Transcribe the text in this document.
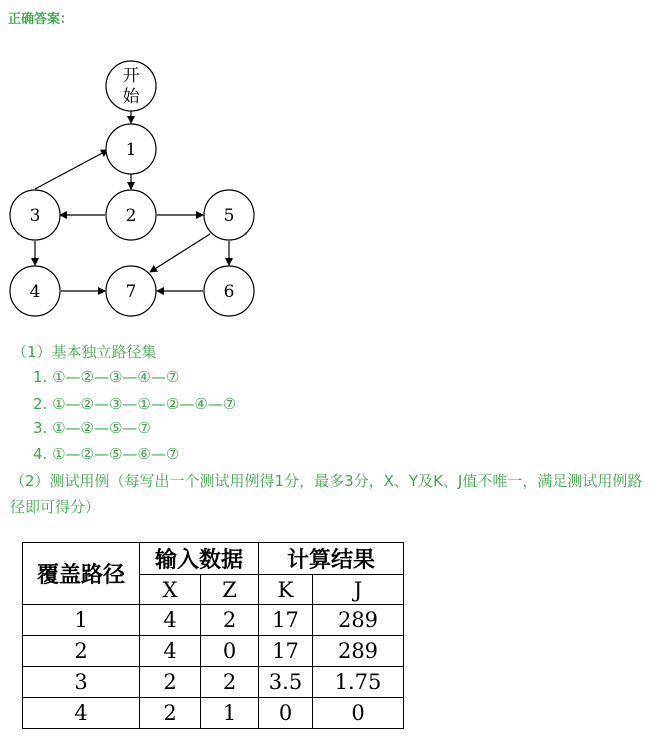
正确答案：
开
始
1
2
3
4
5
6
7
（1）基本独立路径集
1. ①—②—③—④—⑦
2. ①—②—③—①—②—④—⑦
3. ①—②—⑤—⑦
4. ①—②—⑤—⑥—⑦
（2）测试用例（每写出一个测试用例得1分，最多3分，X、Y及K、J值不唯一，满足测试用例路径即可得分）
覆盖路径	输入数据		计算结果	
	X	Z	K	J
1	4	2	17	289
2	4	0	17	289
3	2	2	3.5	1.75
4	2	1	0	0
